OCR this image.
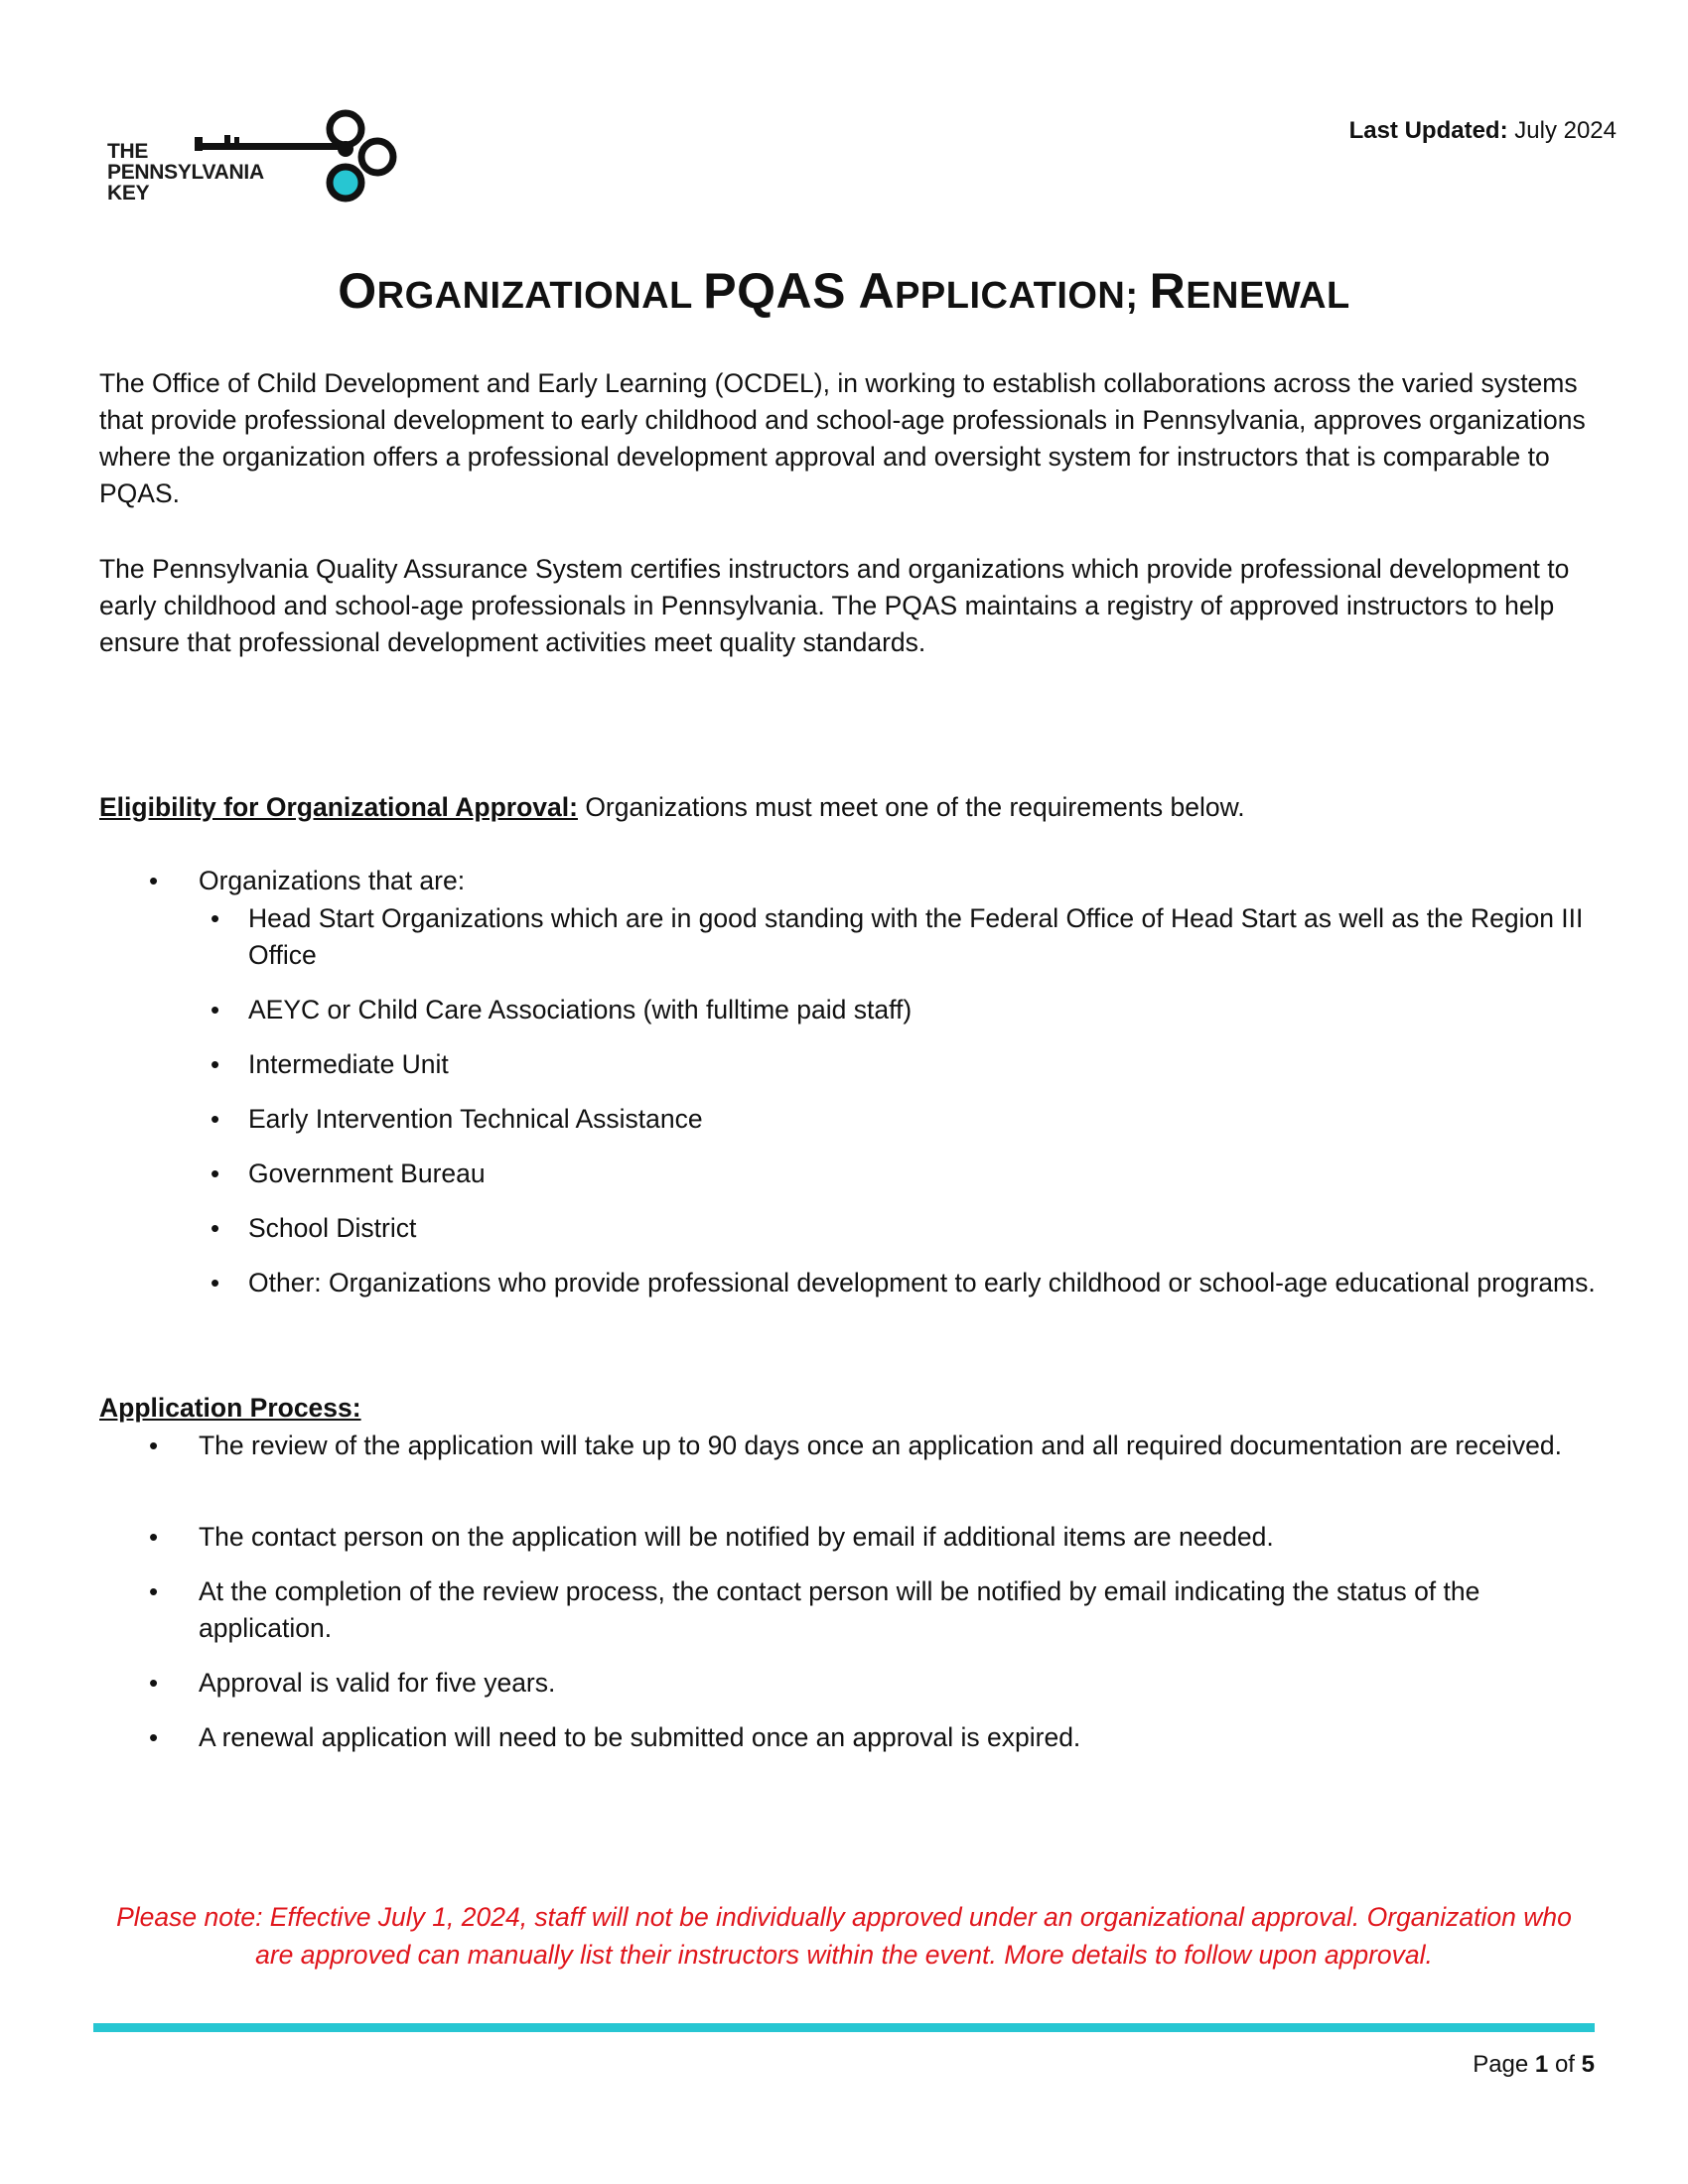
THE
PENNSYLVANIA
KEY
Last Updated: July 2024
ORGANIZATIONAL PQAS APPLICATION; RENEWAL
The Office of Child Development and Early Learning (OCDEL), in working to establish collaborations across the varied systems that provide professional development to early childhood and school-age professionals in Pennsylvania, approves organizations where the organization offers a professional development approval and oversight system for instructors that is comparable to PQAS.
The Pennsylvania Quality Assurance System certifies instructors and organizations which provide professional development to early childhood and school-age professionals in Pennsylvania. The PQAS maintains a registry of approved instructors to help ensure that professional development activities meet quality standards.
Eligibility for Organizational Approval: Organizations must meet one of the requirements below.
•
Organizations that are:
•
Head Start Organizations which are in good standing with the Federal Office of Head Start as well as the Region III Office
•
AEYC or Child Care Associations (with fulltime paid staff)
•
Intermediate Unit
•
Early Intervention Technical Assistance
•
Government Bureau
•
School District
•
Other: Organizations who provide professional development to early childhood or school-age educational programs.
Application Process:
•
The review of the application will take up to 90 days once an application and all required documentation are received.
•
The contact person on the application will be notified by email if additional items are needed.
•
At the completion of the review process, the contact person will be notified by email indicating the status of the application.
•
Approval is valid for five years.
•
A renewal application will need to be submitted once an approval is expired.
Please note: Effective July 1, 2024, staff will not be individually approved under an organizational approval. Organization who are approved can manually list their instructors within the event. More details to follow upon approval.
Page 1 of 5
